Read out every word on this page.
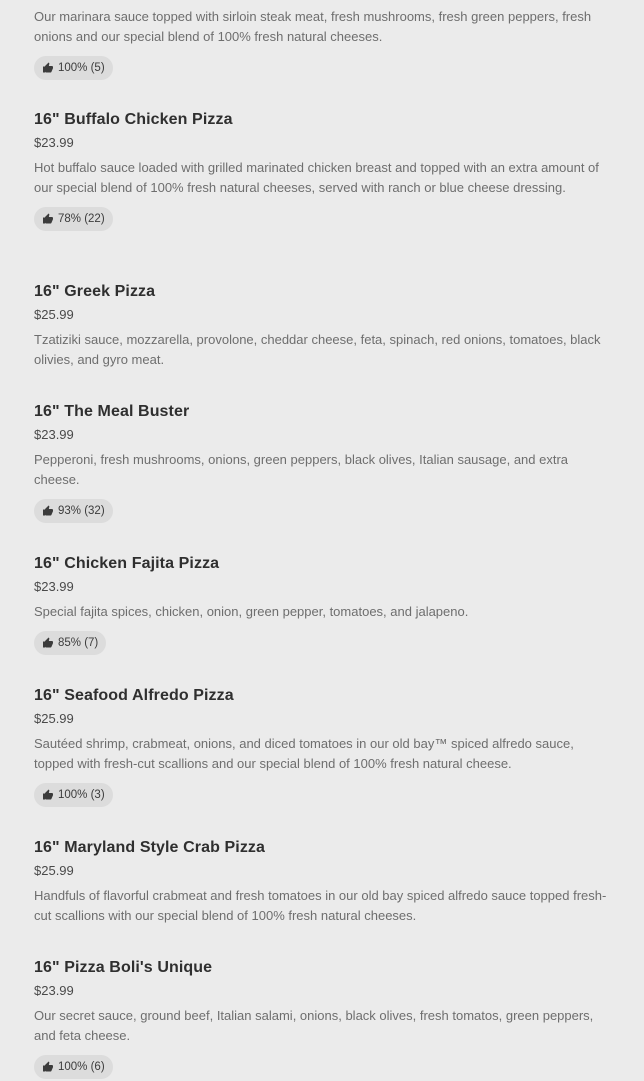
Our marinara sauce topped with sirloin steak meat, fresh mushrooms, fresh green peppers, fresh onions and our special blend of 100% fresh natural cheeses.

100% (5)
16" Buffalo Chicken Pizza

$23.99

Hot buffalo sauce loaded with grilled marinated chicken breast and topped with an extra amount of our special blend of 100% fresh natural cheeses, served with ranch or blue cheese dressing.

78% (22)
16" Greek Pizza

$25.99

Tzatiziki sauce, mozzarella, provolone, cheddar cheese, feta, spinach, red onions, tomatoes, black olivies, and gyro meat.

16" The Meal Buster

$23.99

Pepperoni, fresh mushrooms, onions, green peppers, black olives, Italian sausage, and extra cheese.

93% (32)
16" Chicken Fajita Pizza

$23.99

Special fajita spices, chicken, onion, green pepper, tomatoes, and jalapeno.

85% (7)
16" Seafood Alfredo Pizza

$25.99

Sautéed shrimp, crabmeat, onions, and diced tomatoes in our old bay™ spiced alfredo sauce, topped with fresh-cut scallions and our special blend of 100% fresh natural cheese.

100% (3)
16" Maryland Style Crab Pizza

$25.99

Handfuls of flavorful crabmeat and fresh tomatoes in our old bay spiced alfredo sauce topped fresh-cut scallions with our special blend of 100% fresh natural cheeses.

16" Pizza Boli's Unique

$23.99

Our secret sauce, ground beef, Italian salami, onions, black olives, fresh tomatos, green peppers, and feta cheese.

100% (6)
